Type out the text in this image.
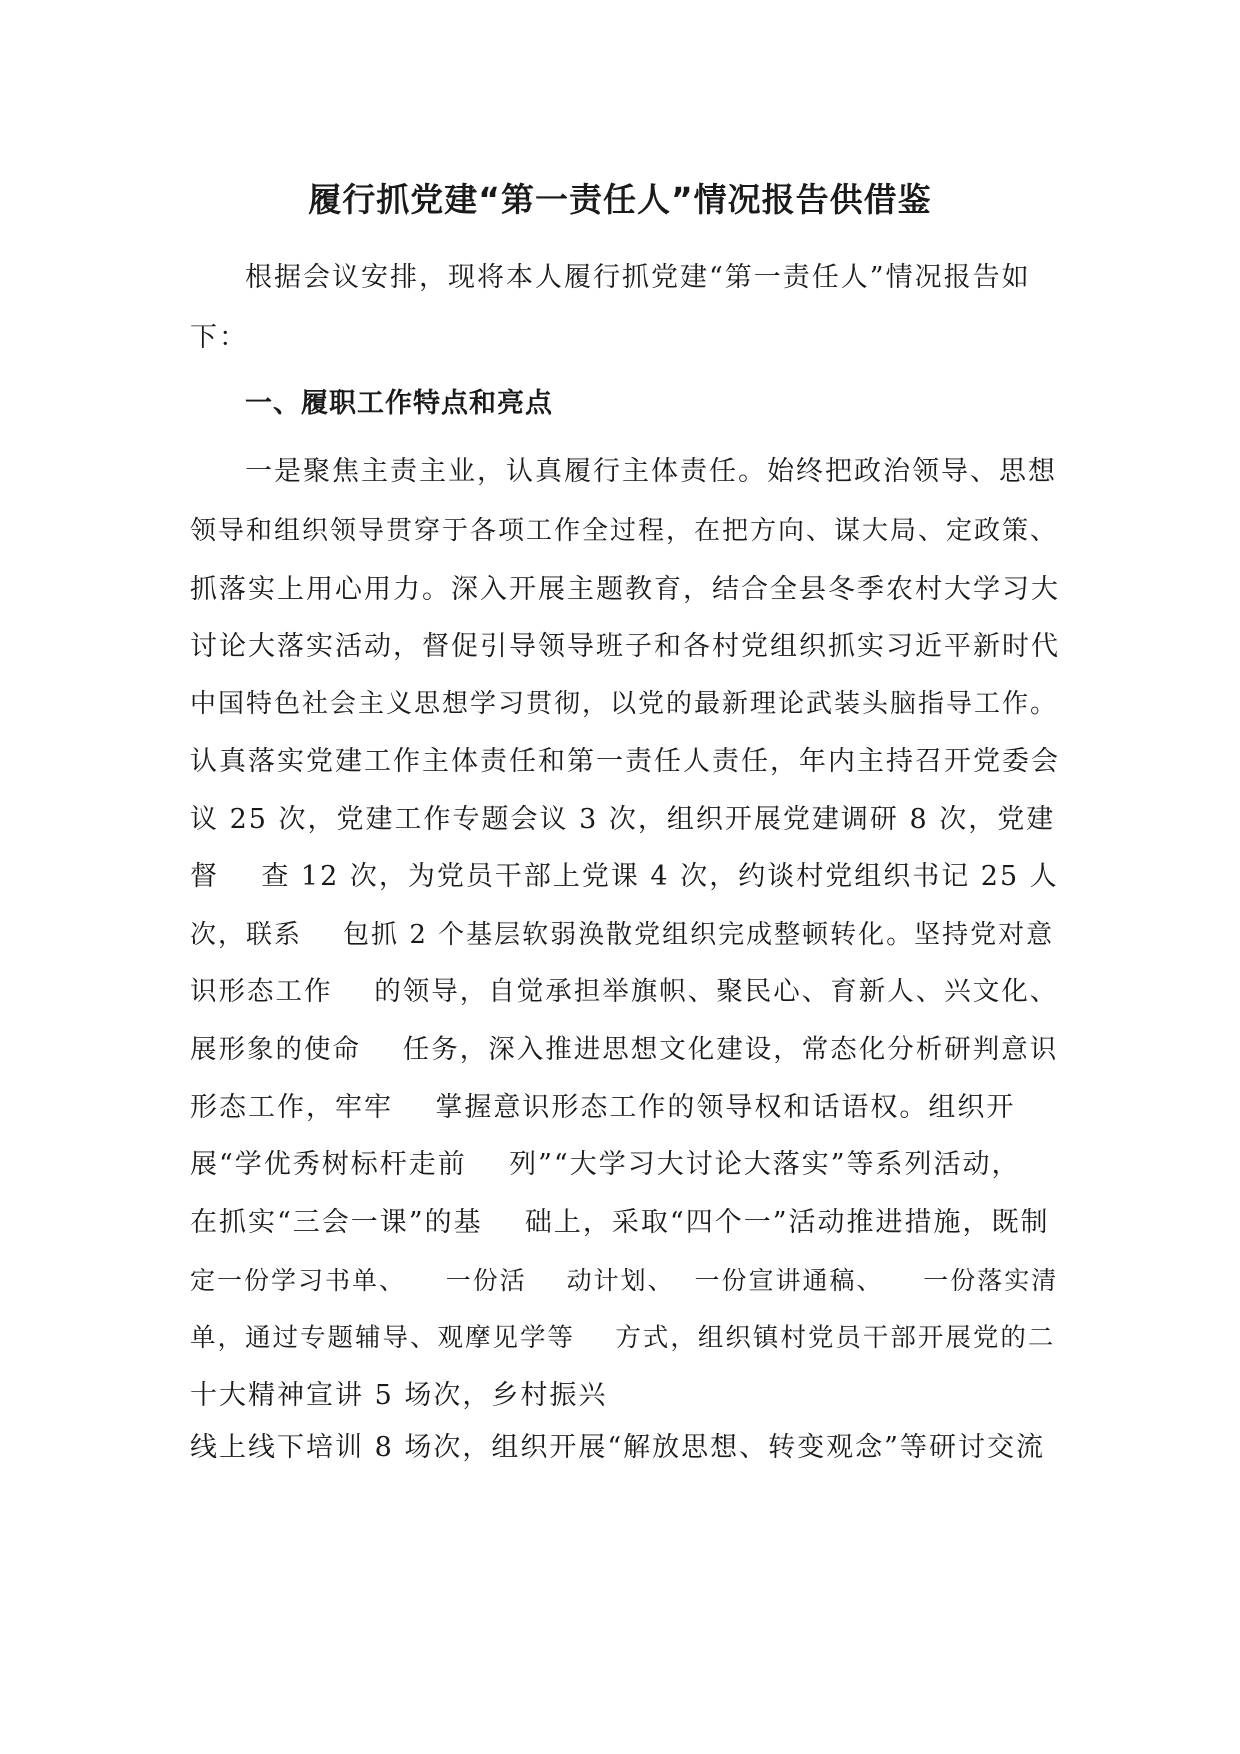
履行抓党建“第一责任人”情况报告供借鉴
根据会议安排，现将本人履行抓党建“第一责任人”情况报告如
下：
一、履职工作特点和亮点
一是聚焦主责主业，认真履行主体责任。始终把政治领导、思想
领导和组织领导贯穿于各项工作全过程，在把方向、谋大局、定政策、
抓落实上用心用力。深入开展主题教育，结合全县冬季农村大学习大
讨论大落实活动，督促引导领导班子和各村党组织抓实习近平新时代
中国特色社会主义思想学习贯彻，以党的最新理论武装头脑指导工作。
认真落实党建工作主体责任和第一责任人责任，年内主持召开党委会
议 25 次，党建工作专题会议 3 次，组织开展党建调研 8 次，党建
督    查 12 次，为党员干部上党课 4 次，约谈村党组织书记 25 人
次，联系    包抓 2 个基层软弱涣散党组织完成整顿转化。坚持党对意
识形态工作    的领导，自觉承担举旗帜、聚民心、育新人、兴文化、
展形象的使命    任务，深入推进思想文化建设，常态化分析研判意识
形态工作，牢牢    掌握意识形态工作的领导权和话语权。组织开
展“学优秀树标杆走前    列”“大学习大讨论大落实”等系列活动，
在抓实“三会一课”的基    础上，采取“四个一”活动推进措施，既制
定一份学习书单、    一份活    动计划、  一份宣讲通稿、    一份落实清
单，通过专题辅导、观摩见学等    方式，组织镇村党员干部开展党的二
十大精神宣讲 5 场次，乡村振兴
线上线下培训 8 场次，组织开展“解放思想、转变观念”等研讨交流
